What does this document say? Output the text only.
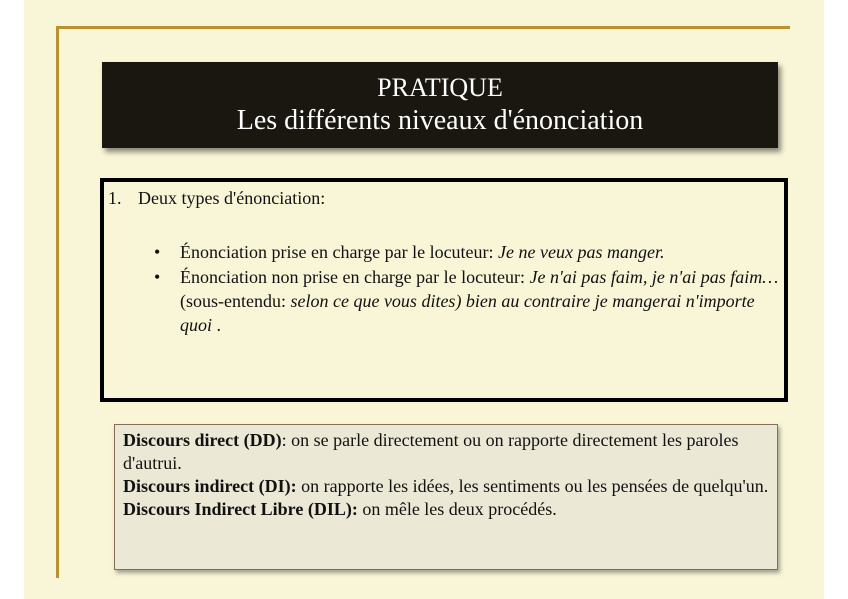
PRATIQUE
Les différents niveaux d'énonciation
1. Deux types d'énonciation:
• Énonciation prise en charge par le locuteur: Je ne veux pas manger.
• Énonciation non prise en charge par le locuteur: Je n'ai pas faim, je n'ai pas faim… (sous-entendu: selon ce que vous dites) bien au contraire je mangerai n'importe quoi .

Discours direct (DD): on se parle directement ou on rapporte directement les paroles d'autrui.

Discours indirect (DI): on rapporte les idées, les sentiments ou les pensées de quelqu'un.

Discours Indirect Libre (DIL): on mêle les deux procédés.
